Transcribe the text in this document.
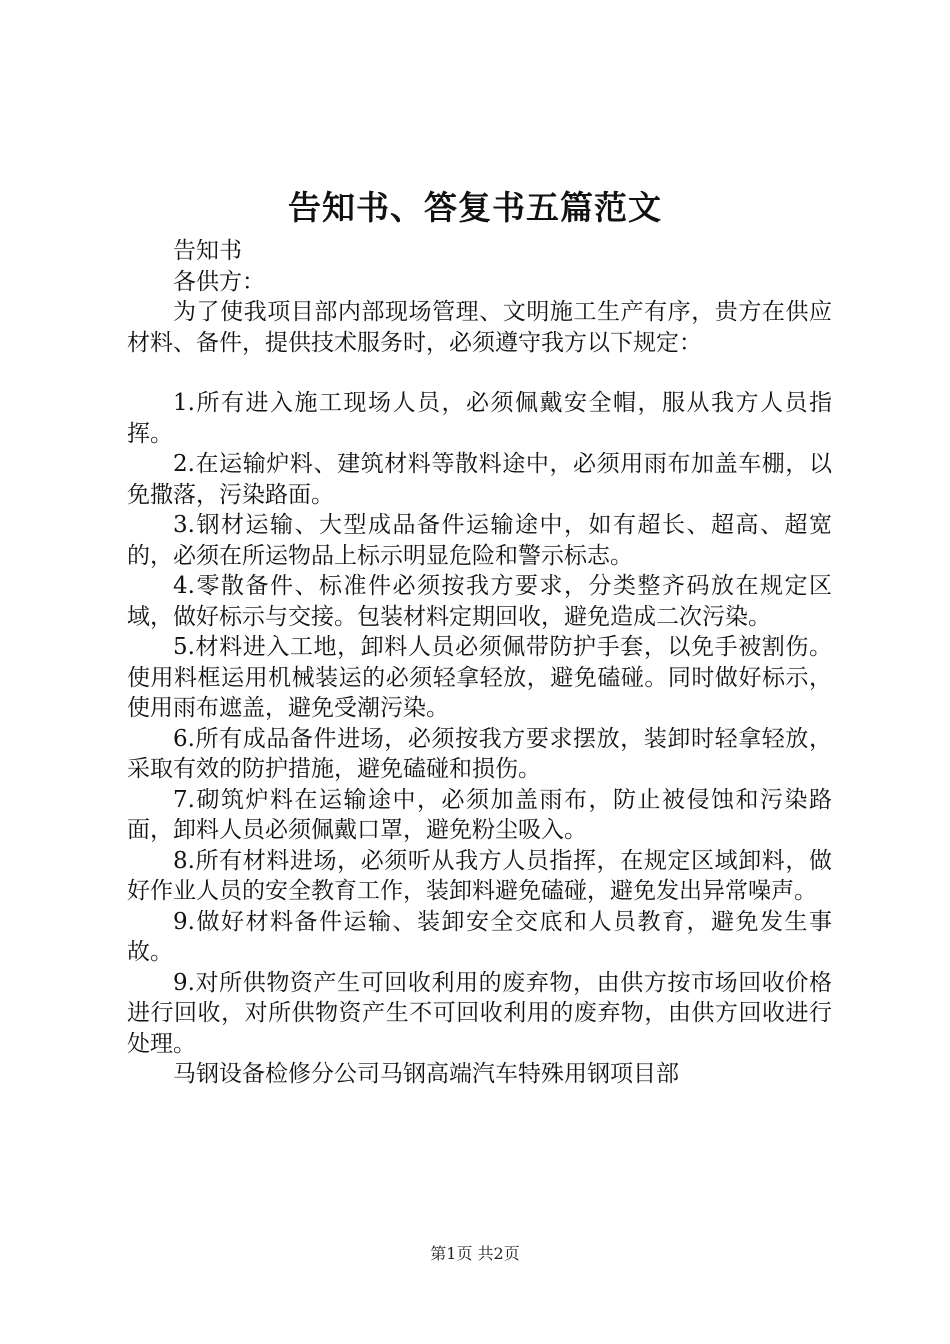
告知书、答复书五篇范文

告知书

各供方：

为了使我项目部内部现场管理、文明施工生产有序，贵方在供应材料、备件，提供技术服务时，必须遵守我方以下规定：

1.所有进入施工现场人员，必须佩戴安全帽，服从我方人员指挥。

2.在运输炉料、建筑材料等散料途中，必须用雨布加盖车棚，以免撒落，污染路面。

3.钢材运输、大型成品备件运输途中，如有超长、超高、超宽的，必须在所运物品上标示明显危险和警示标志。

4.零散备件、标准件必须按我方要求，分类整齐码放在规定区域，做好标示与交接。包装材料定期回收，避免造成二次污染。

5.材料进入工地，卸料人员必须佩带防护手套，以免手被割伤。使用料框运用机械装运的必须轻拿轻放，避免磕碰。同时做好标示，使用雨布遮盖，避免受潮污染。

6.所有成品备件进场，必须按我方要求摆放，装卸时轻拿轻放，采取有效的防护措施，避免磕碰和损伤。

7.砌筑炉料在运输途中，必须加盖雨布，防止被侵蚀和污染路面，卸料人员必须佩戴口罩，避免粉尘吸入。

8.所有材料进场，必须听从我方人员指挥，在规定区域卸料，做好作业人员的安全教育工作，装卸料避免磕碰，避免发出异常噪声。

9.做好材料备件运输、装卸安全交底和人员教育，避免发生事故。

9.对所供物资产生可回收利用的废弃物，由供方按市场回收价格进行回收，对所供物资产生不可回收利用的废弃物，由供方回收进行处理。

马钢设备检修分公司马钢高端汽车特殊用钢项目部

第1页 共2页
